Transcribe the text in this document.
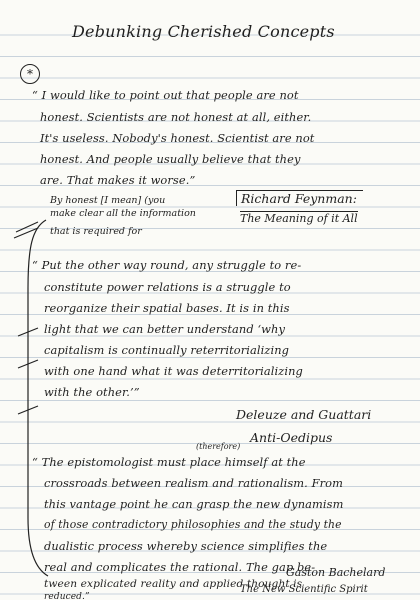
Debunking Cherished Concepts
*
“ I would like to point out that people are not
honest. Scientists are not honest at all, either.
It's useless. Nobody's honest. Scientist are not
honest. And people usually believe that they
are. That makes it worse.”
By honest [I mean] (you
make clear all the information
that is required for
Richard Feynman:
The Meaning of it All
“ Put the other way round, any struggle to re-
constitute power relations is a struggle to
reorganize their spatial bases. It is in this
light that we can better understand ‘why
capitalism is continually reterritorializing
with one hand what it was deterritorializing
with the other.’”
Deleuze and Guattari
Anti-Oedipus
(therefore)
“ The epistomologist must place himself at the
crossroads between realism and rationalism. From
this vantage point he can grasp the new dynamism
of those contradictory philosophies and the study the
dualistic process whereby science simplifies the
real and complicates the rational. The gap be-
tween explicated reality and applied thought is
reduced.”
Gaston Bachelard
The New Scientific Spirit
